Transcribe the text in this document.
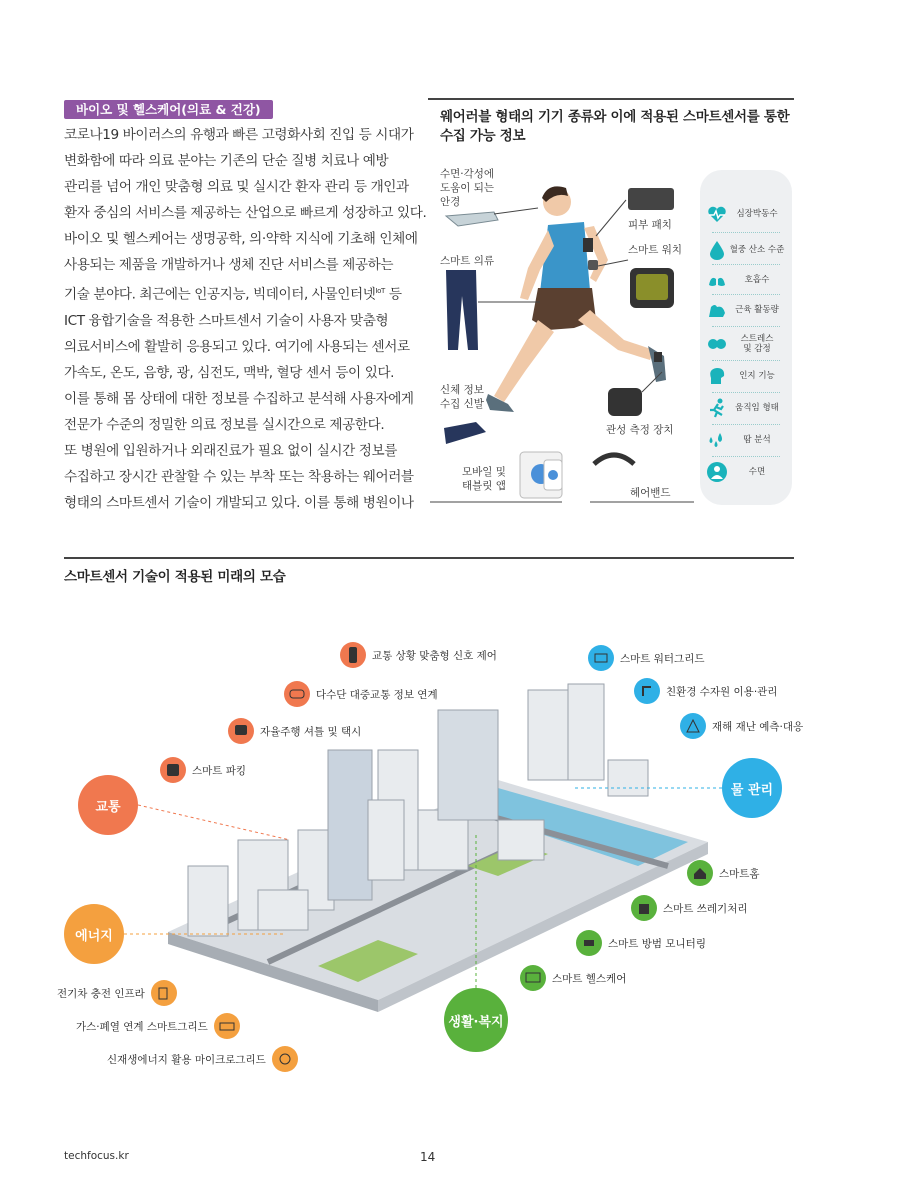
바이오 및 헬스케어(의료 & 건강)

코로나19 바이러스의 유행과 빠른 고령화사회 진입 등 시대가

변화함에 따라 의료 분야는 기존의 단순 질병 치료나 예방

관리를 넘어 개인 맞춤형 의료 및 실시간 환자 관리 등 개인과

환자 중심의 서비스를 제공하는 산업으로 빠르게 성장하고 있다.

바이오 및 헬스케어는 생명공학, 의·약학 지식에 기초해 인체에

사용되는 제품을 개발하거나 생체 진단 서비스를 제공하는

기술 분야다. 최근에는 인공지능, 빅데이터, 사물인터넷$^{IoT}$ 등

ICT 융합기술을 적용한 스마트센서 기술이 사용자 맞춤형

의료서비스에 활발히 응용되고 있다. 여기에 사용되는 센서로

가속도, 온도, 음향, 광, 심전도, 맥박, 혈당 센서 등이 있다.

이를 통해 몸 상태에 대한 정보를 수집하고 분석해 사용자에게

전문가 수준의 정밀한 의료 정보를 실시간으로 제공한다.

또 병원에 입원하거나 외래진료가 필요 없이 실시간 정보를

수집하고 장시간 관찰할 수 있는 부착 또는 착용하는 웨어러블

형태의 스마트센서 기술이 개발되고 있다. 이를 통해 병원이나

웨어러블 형태의 기기 종류와 이에 적용된 스마트센서를 통한
수집 가능 정보
수면·각성에
도움이 되는
안경
피부 패치
스마트 워치
스마트 의류
신체 정보
수집 신발
관성 측정 장치
모바일 및
태블릿 앱
헤어밴드
심장박동수
혈중 산소 수준
호흡수
근육 활동량
스트레스
및 감정
인지 기능
움직임 형태
땀 분석
수면
스마트센서 기술이 적용된 미래의 모습
교통
물 관리
에너지
생활·복지
교통 상황 맞춤형 신호 제어
다수단 대중교통 정보 연계
자율주행 셔틀 및 택시
스마트 파킹
스마트 워터그리드
친환경 수자원 이용·관리
재해 재난 예측·대응
스마트홈
스마트 쓰레기처리
스마트 방범 모니터링
스마트 헬스케어
전기차 충전 인프라
가스·폐열 연계 스마트그리드
신재생에너지 활용 마이크로그리드
techfocus.kr	14
